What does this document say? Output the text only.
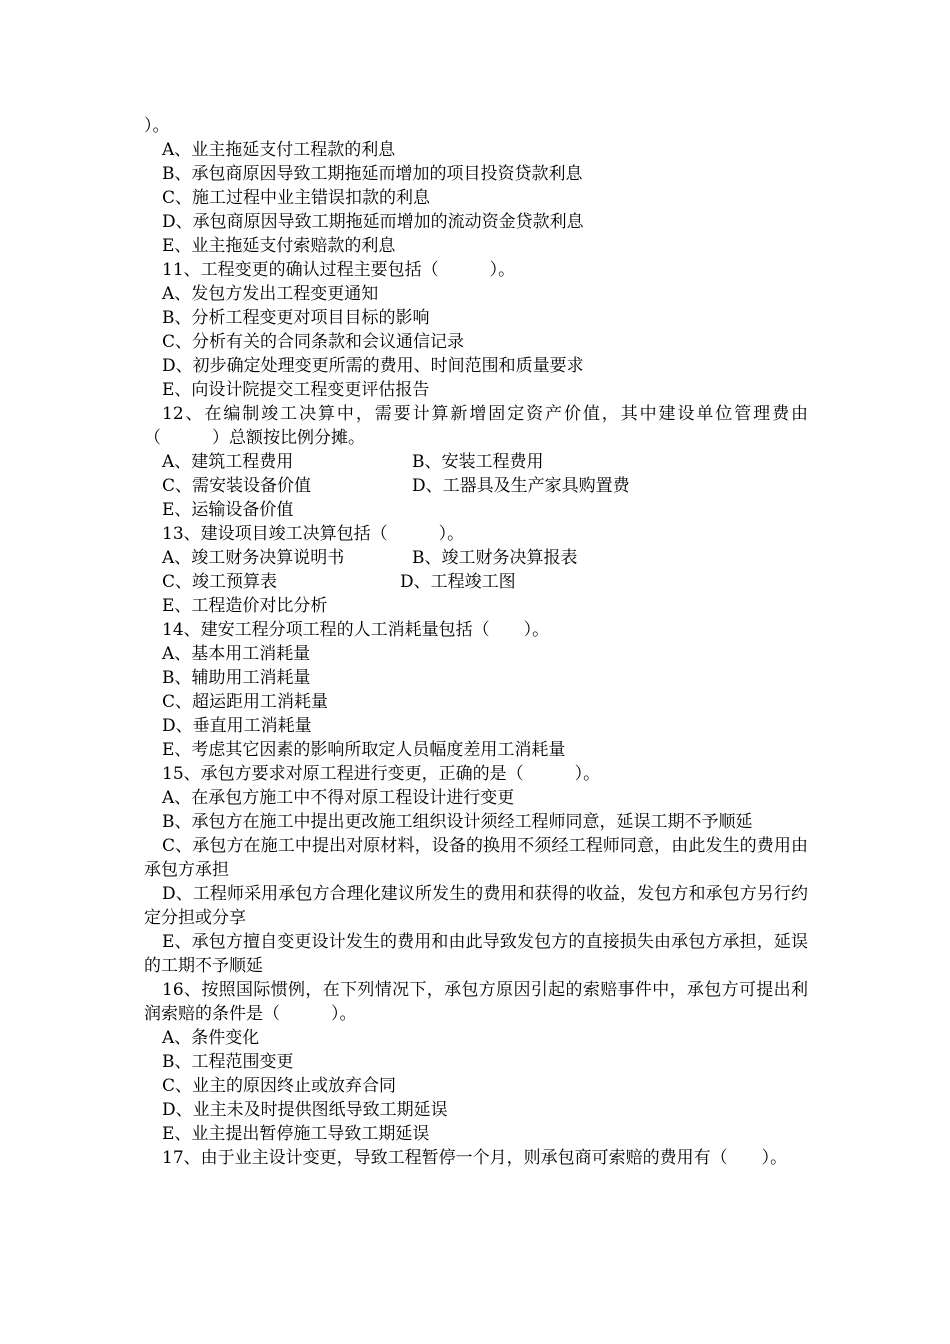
）。
A、业主拖延支付工程款的利息
B、承包商原因导致工期拖延而增加的项目投资贷款利息
C、施工过程中业主错误扣款的利息
D、承包商原因导致工期拖延而增加的流动资金贷款利息
E、业主拖延支付索赔款的利息
11、工程变更的确认过程主要包括（　　　）。
A、发包方发出工程变更通知
B、分析工程变更对项目目标的影响
C、分析有关的合同条款和会议通信记录
D、初步确定处理变更所需的费用、时间范围和质量要求
E、向设计院提交工程变更评估报告
12、在编制竣工决算中，需要计算新增固定资产价值，其中建设单位管理费由（　　　）总额按比例分摊。
A、建筑工程费用	B、安装工程费用
C、需安装设备价值	D、工器具及生产家具购置费
E、运输设备价值
13、建设项目竣工决算包括（　　　）。
A、竣工财务决算说明书	B、竣工财务决算报表
C、竣工预算表	D、工程竣工图
E、工程造价对比分析
14、建安工程分项工程的人工消耗量包括（　　）。
A、基本用工消耗量
B、辅助用工消耗量
C、超运距用工消耗量
D、垂直用工消耗量
E、考虑其它因素的影响所取定人员幅度差用工消耗量
15、承包方要求对原工程进行变更，正确的是（　　　）。
A、在承包方施工中不得对原工程设计进行变更
B、承包方在施工中提出更改施工组织设计须经工程师同意，延误工期不予顺延
C、承包方在施工中提出对原材料，设备的换用不须经工程师同意，由此发生的费用由承包方承担
D、工程师采用承包方合理化建议所发生的费用和获得的收益，发包方和承包方另行约定分担或分享
E、承包方擅自变更设计发生的费用和由此导致发包方的直接损失由承包方承担，延误的工期不予顺延
16、按照国际惯例，在下列情况下，承包方原因引起的索赔事件中，承包方可提出利润索赔的条件是（　　　）。
A、条件变化
B、工程范围变更
C、业主的原因终止或放弃合同
D、业主未及时提供图纸导致工期延误
E、业主提出暂停施工导致工期延误
17、由于业主设计变更，导致工程暂停一个月，则承包商可索赔的费用有（　　）。
